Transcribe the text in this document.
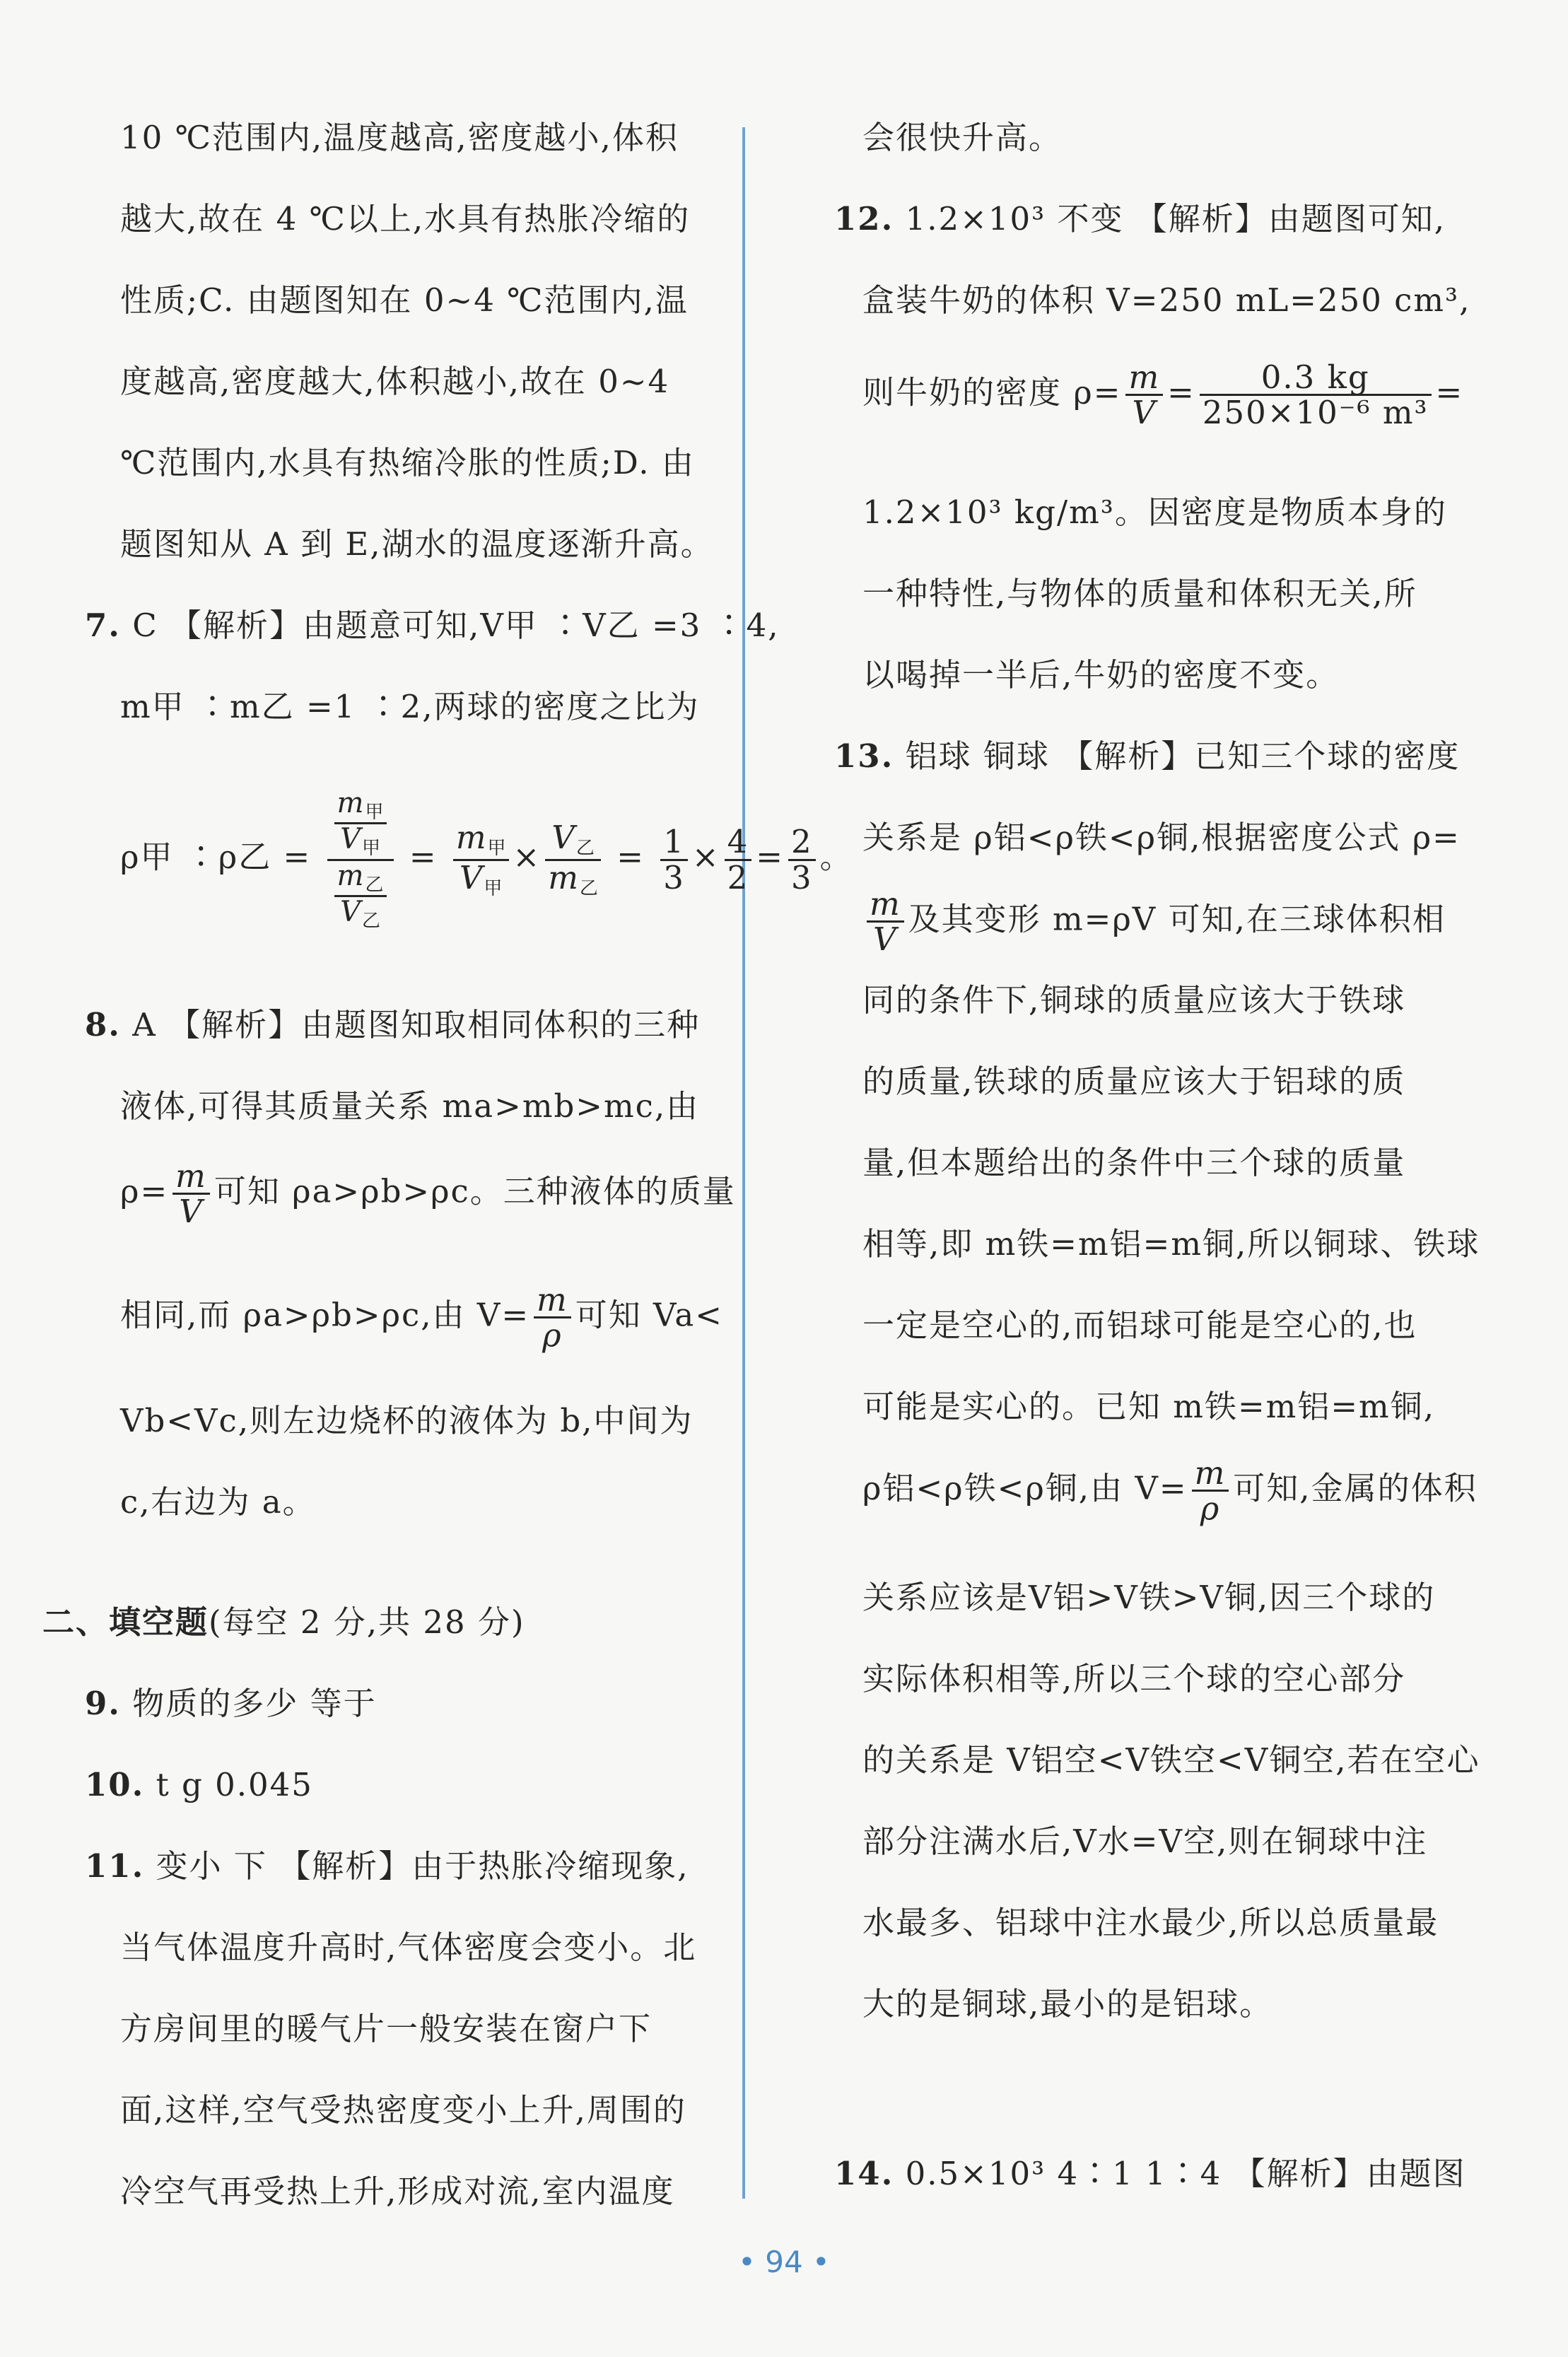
10 ℃范围内,温度越高,密度越小,体积
越大,故在 4 ℃以上,水具有热胀冷缩的
性质;C. 由题图知在 0~4 ℃范围内,温
度越高,密度越大,体积越小,故在 0~4
℃范围内,水具有热缩冷胀的性质;D. 由
题图知从 A 到 E,湖水的温度逐渐升高。
7. C 【解析】由题意可知,V甲 ∶V乙 =3 ∶4,
m甲 ∶m乙 =1 ∶2,两球的密度之比为
ρ甲 ∶ρ乙 = $\frac{\frac{m_甲}{V_甲}}{\frac{m_乙}{V_乙}} = \frac{m_甲}{V_甲} \times \frac{V_乙}{m_乙} = \frac{1}{3} \times \frac{4}{2} = \frac{2}{3}$ 。
8. A 【解析】由题图知取相同体积的三种
液体,可得其质量关系 ma>mb>mc,由
$\rho= \frac{m}{V}$ 可知 ρa>ρb>ρc。三种液体的质量
相同,而 ρa>ρb>ρc,由 $V= \frac{m}{\rho}$ 可知 Va<
Vb<Vc,则左边烧杯的液体为 b,中间为
c,右边为 a。
二、填空题(每空 2 分,共 28 分)
9. 物质的多少 等于
10. t g 0.045
11. 变小 下 【解析】由于热胀冷缩现象,
当气体温度升高时,气体密度会变小。北
方房间里的暖气片一般安装在窗户下
面,这样,空气受热密度变小上升,周围的
冷空气再受热上升,形成对流,室内温度
会很快升高。
12. 1.2×10³ 不变 【解析】由题图可知,
盒装牛奶的体积 V=250 mL=250 cm³,
则牛奶的密度 $\rho= \frac{m}{V} = \frac{0.3 kg}{\text{250×10⁻⁶ m³}}$ =
1.2×10³ kg/m³。因密度是物质本身的
一种特性,与物体的质量和体积无关,所
以喝掉一半后,牛奶的密度不变。
13. 铝球 铜球 【解析】已知三个球的密度
关系是 ρ铝<ρ铁<ρ铜,根据密度公式 ρ=
$\frac{m}{V}$ 及其变形 m=ρV 可知,在三球体积相
同的条件下,铜球的质量应该大于铁球
的质量,铁球的质量应该大于铝球的质
量,但本题给出的条件中三个球的质量
相等,即 m铁=m铝=m铜,所以铜球、铁球
一定是空心的,而铝球可能是空心的,也
可能是实心的。已知 m铁=m铝=m铜,
ρ铝<ρ铁<ρ铜,由 $V= \frac{m}{\rho}$ 可知,金属的体积
关系应该是V铝>V铁>V铜,因三个球的
实际体积相等,所以三个球的空心部分
的关系是 V铝空<V铁空<V铜空,若在空心
部分注满水后,V水=V空,则在铜球中注
水最多、铝球中注水最少,所以总质量最
大的是铜球,最小的是铝球。
14. 0.5×10³ 4∶1 1∶4 【解析】由题图
• 94 •
